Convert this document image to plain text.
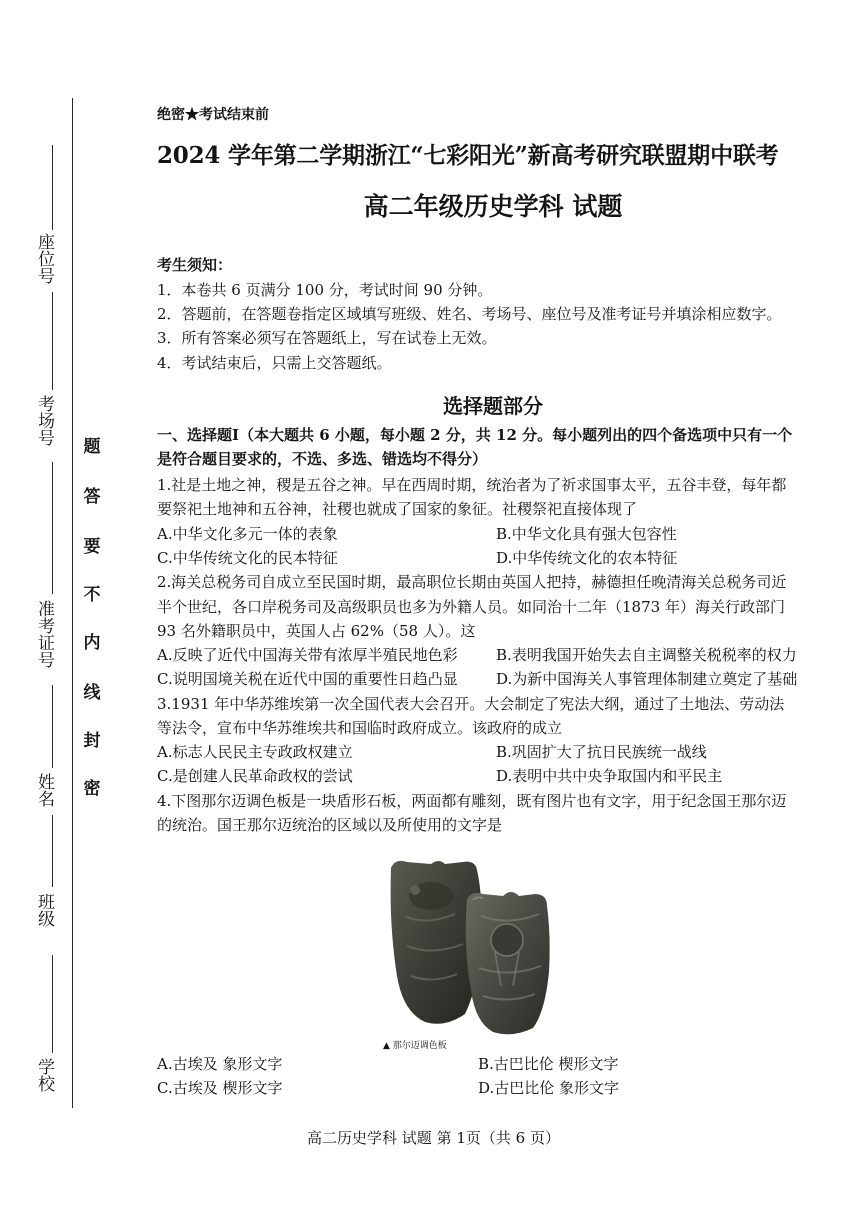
座位号
考场号
准考证号
姓名
班级
学校
题
答
要
不
内
线
封
密
绝密★考试结束前
2024 学年第二学期浙江“七彩阳光”新高考研究联盟期中联考
高二年级历史学科 试题
考生须知：
1．本卷共 6 页满分 100 分，考试时间 90 分钟。
2．答题前，在答题卷指定区域填写班级、姓名、考场号、座位号及准考证号并填涂相应数字。
3．所有答案必须写在答题纸上，写在试卷上无效。
4．考试结束后，只需上交答题纸。
选择题部分
一、选择题Ⅰ（本大题共 6 小题，每小题 2 分，共 12 分。每小题列出的四个备选项中只有一个
是符合题目要求的，不选、多选、错选均不得分）
1.社是土地之神，稷是五谷之神。早在西周时期，统治者为了祈求国事太平，五谷丰登，每年都
要祭祀土地神和五谷神，社稷也就成了国家的象征。社稷祭祀直接体现了
A.中华文化多元一体的表象	B.中华文化具有强大包容性
C.中华传统文化的民本特征	D.中华传统文化的农本特征
2.海关总税务司自成立至民国时期，最高职位长期由英国人把持，赫德担任晚清海关总税务司近
半个世纪，各口岸税务司及高级职员也多为外籍人员。如同治十二年（1873 年）海关行政部门
93 名外籍职员中，英国人占 62%（58 人）。这
A.反映了近代中国海关带有浓厚半殖民地色彩	B.表明我国开始失去自主调整关税税率的权力
C.说明国境关税在近代中国的重要性日趋凸显	D.为新中国海关人事管理体制建立奠定了基础
3.1931 年中华苏维埃第一次全国代表大会召开。大会制定了宪法大纲，通过了土地法、劳动法
等法令，宣布中华苏维埃共和国临时政府成立。该政府的成立
A.标志人民民主专政政权建立	B.巩固扩大了抗日民族统一战线
C.是创建人民革命政权的尝试	D.表明中共中央争取国内和平民主
4.下图那尔迈调色板是一块盾形石板，两面都有雕刻，既有图片也有文字，用于纪念国王那尔迈
的统治。国王那尔迈统治的区域以及所使用的文字是
A.古埃及 象形文字	B.古巴比伦 楔形文字
C.古埃及 楔形文字	D.古巴比伦 象形文字
▲ 那尔迈调色板
高二历史学科 试题 第 1页（共 6 页）
